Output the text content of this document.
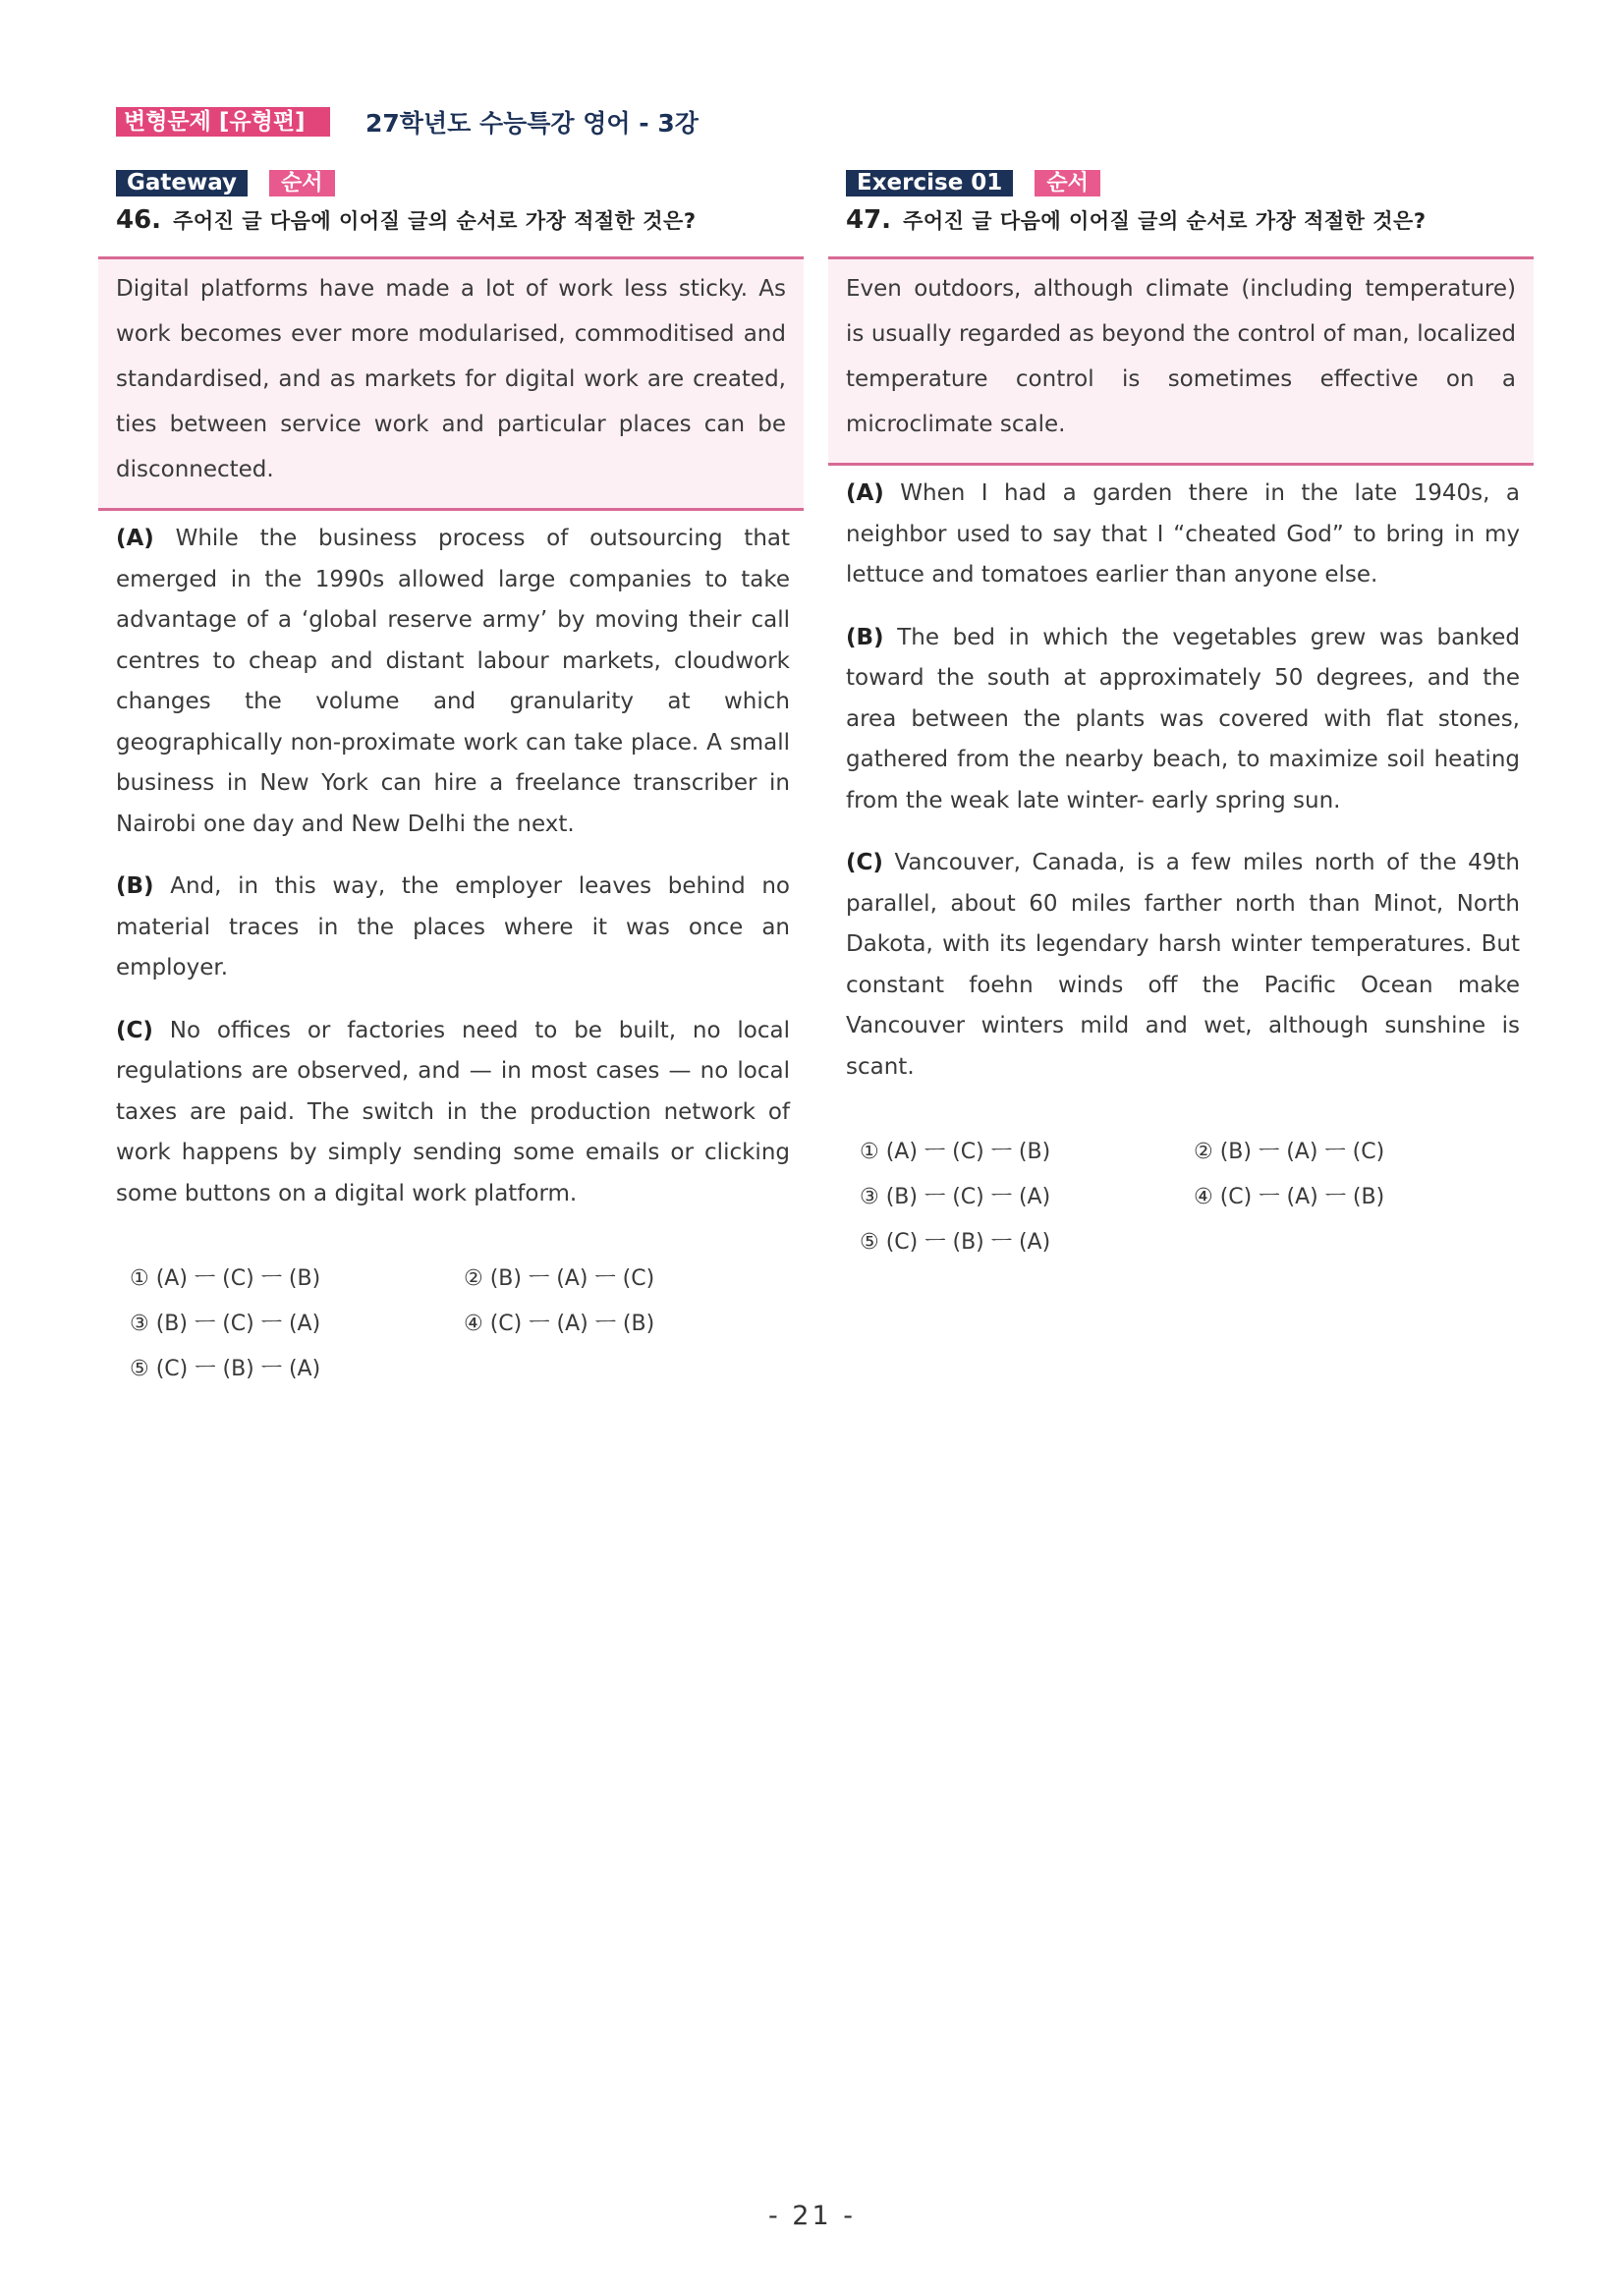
변형문제 [유형편]	27학년도 수능특강 영어 - 3강
Gateway	순서
46. 주어진 글 다음에 이어질 글의 순서로 가장 적절한 것은?
Digital platforms have made a lot of work less sticky. As work becomes ever more modularised, commoditised and standardised, and as markets for digital work are created, ties between service work and particular places can be disconnected.
(A) While the business process of outsourcing that emerged in the 1990s allowed large companies to take advantage of a ‘global reserve army’ by moving their call centres to cheap and distant labour markets, cloudwork changes the volume and granularity at which geographically non-proximate work can take place. A small business in New York can hire a freelance transcriber in Nairobi one day and New Delhi the next.
(B) And, in this way, the employer leaves behind no material traces in the places where it was once an employer.
(C) No offices or factories need to be built, no local regulations are observed, and — in most cases — no local taxes are paid. The switch in the production network of work happens by simply sending some emails or clicking some buttons on a digital work platform.
① (A) ㅡ (C) ㅡ (B)	② (B) ㅡ (A) ㅡ (C)
③ (B) ㅡ (C) ㅡ (A)	④ (C) ㅡ (A) ㅡ (B)
⑤ (C) ㅡ (B) ㅡ (A)
Exercise 01	순서
47. 주어진 글 다음에 이어질 글의 순서로 가장 적절한 것은?
Even outdoors, although climate (including temperature) is usually regarded as beyond the control of man, localized temperature control is sometimes effective on a microclimate scale.
(A) When I had a garden there in the late 1940s, a neighbor used to say that I “cheated God” to bring in my lettuce and tomatoes earlier than anyone else.
(B) The bed in which the vegetables grew was banked toward the south at approximately 50 degrees, and the area between the plants was covered with flat stones, gathered from the nearby beach, to maximize soil heating from the weak late winter- early spring sun.
(C) Vancouver, Canada, is a few miles north of the 49th parallel, about 60 miles farther north than Minot, North Dakota, with its legendary harsh winter temperatures. But constant foehn winds off the Pacific Ocean make Vancouver winters mild and wet, although sunshine is scant.
① (A) ㅡ (C) ㅡ (B)	② (B) ㅡ (A) ㅡ (C)
③ (B) ㅡ (C) ㅡ (A)	④ (C) ㅡ (A) ㅡ (B)
⑤ (C) ㅡ (B) ㅡ (A)
- 21 -
